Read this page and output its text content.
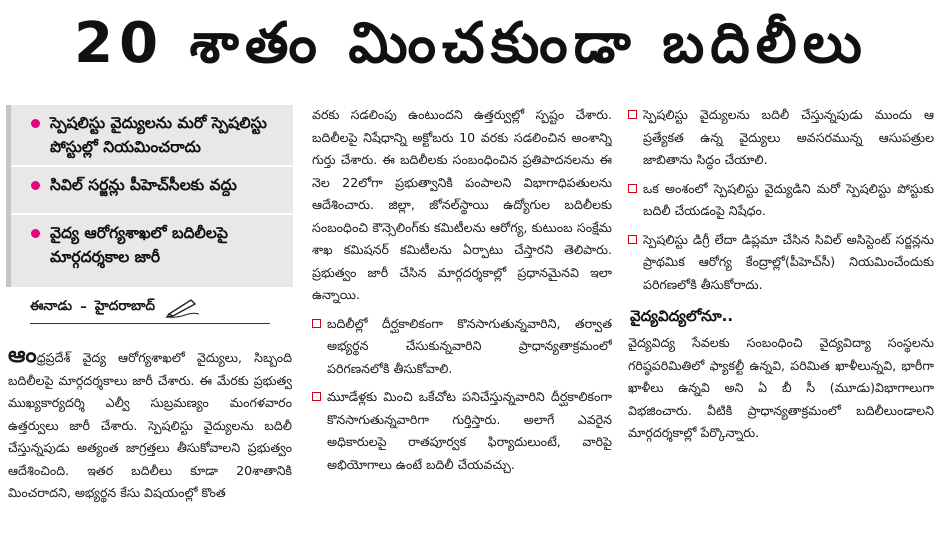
20 శాతం మించకుండా బదిలీలు
స్పెషలిస్టు వైద్యులను మరో స్పెషలిస్టు పోస్టుల్లో నియమించరాదు
సివిల్ సర్జన్లు పీహెచ్‌సీలకు వద్దు
వైద్య ఆరోగ్యశాఖలో బదిలీలపై మార్గదర్శకాల జారీ
ఈనాడు – హైదరాబాద్

ఆంధ్రప్రదేశ్ వైద్య ఆరోగ్యశాఖలో వైద్యులు, సిబ్బంది బదిలీలపై మార్గదర్శకాలు జారీ చేశారు. ఈ మేరకు ప్రభుత్వ ముఖ్యకార్యదర్శి ఎల్వీ సుబ్రమణ్యం మంగళవారం ఉత్తర్వులు జారీ చేశారు. స్పెషలిస్టు వైద్యులను బదిలీ చేస్తున్నపుడు అత్యంత జాగ్రత్తలు తీసుకోవాలని ప్రభుత్వం ఆదేశించింది. ఇతర బదిలీలు కూడా 20శాతానికి మించరాదని, అభ్యర్థన కేసు విషయంల్లో కొంత

వరకు సడలింపు ఉంటుందని ఉత్తర్వుల్లో స్పష్టం చేశారు. బదిలీలపై నిషేధాన్ని అక్టోబరు 10 వరకు సడలించిన అంశాన్ని గుర్తు చేశారు. ఈ బదిలీలకు సంబంధించిన ప్రతిపాదనలను ఈ నెల 22లోగా ప్రభుత్వానికి పంపాలని విభాగాధిపతులను ఆదేశించారు. జిల్లా, జోనల్‌స్థాయి ఉద్యోగుల బదిలీలకు సంబంధించి కౌన్సెలింగ్‌కు కమిటీలను ఆరోగ్య, కుటుంబ సంక్షేమ శాఖ కమిషనర్ కమిటీలను ఏర్పాటు చేస్తారని తెలిపారు. ప్రభుత్వం జారీ చేసిన మార్గదర్శకాల్లో ప్రధానమైనవి ఇలా ఉన్నాయి.

బదిలీల్లో దీర్ఘకాలికంగా కొనసాగుతున్నవారిని, తర్వాత అభ్యర్థన చేసుకున్నవారిని ప్రాధాన్యతాక్రమంలో పరిగణనలోకి తీసుకోవాలి.
మూడేళ్లకు మించి ఒకేచోట పనిచేస్తున్నవారిని దీర్ఘకాలికంగా కొనసాగుతున్నవారిగా గుర్తిస్తారు. అలాగే ఎవరైన అధికారులపై రాతపూర్వక ఫిర్యాదులుంటే, వారిపై అభియోగాలు ఉంటే బదిలీ చేయవచ్చు.
స్పెషలిస్టు వైద్యులను బదిలీ చేస్తున్నపుడు ముందు ఆ ప్రత్యేకత ఉన్న వైద్యులు అవసరమున్న ఆసుపత్రుల జాబితాను సిద్ధం చేయాలి.
ఒక అంశంలో స్పెషలిస్టు వైద్యుడిని మరో స్పెషలిస్టు పోస్టుకు బదిలీ చేయడంపై నిషేధం.
స్పెషలిస్టు డిగ్రీ లేదా డిప్లమా చేసిన సివిల్ అసిస్టెంట్ సర్జన్లను ప్రాథమిక ఆరోగ్య కేంద్రాల్లో(పీహెచ్‌సీ) నియమించేందుకు పరిగణలోకి తీసుకోరాదు.
వైద్యవిద్యలోనూ..

వైద్యవిద్య సేవలకు సంబంధించి వైద్యవిద్యా సంస్థలను గరిష్ఠపరిమితిలో ఫ్యాకల్టీ ఉన్నవి, పరిమిత ఖాళీలున్నవి, భారీగా ఖాళీలు ఉన్నవి అని ఏ బీ సీ (మూడు)విభాగాలుగా విభజించారు. వీటికి ప్రాధాన్యతాక్రమంలో బదిలీలుండాలని మార్గదర్శకాల్లో పేర్కొన్నారు.
